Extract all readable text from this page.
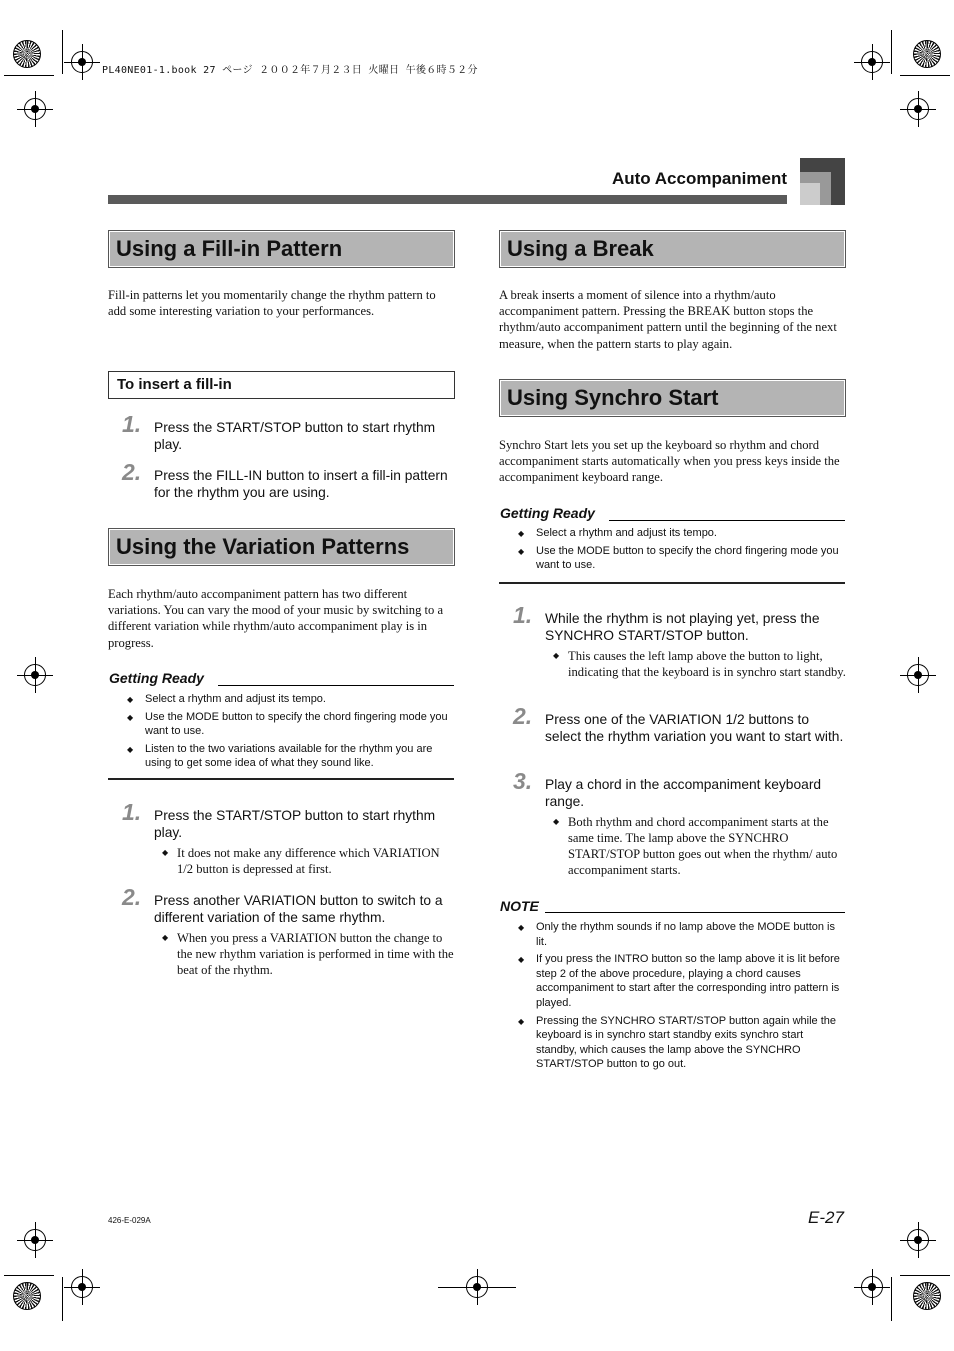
PL40NE01-1.book 27 ページ ２００２年７月２３日 火曜日 午後６時５２分
Auto Accompaniment
Using a Fill-in Pattern
Fill-in patterns let you momentarily change the rhythm pattern to add some interesting variation to your performances.
To insert a fill-in
1. Press the START/STOP button to start rhythm play.
2. Press the FILL-IN button to insert a fill-in pattern for the rhythm you are using.
Using the Variation Patterns
Each rhythm/auto accompaniment pattern has two different variations. You can vary the mood of your music by switching to a different variation while rhythm/auto accompaniment play is in progress.
Getting Ready
◆ Select a rhythm and adjust its tempo.
◆ Use the MODE button to specify the chord fingering mode you want to use.
◆ Listen to the two variations available for the rhythm you are using to get some idea of what they sound like.
1. Press the START/STOP button to start rhythm play.
◆ It does not make any difference which VARIATION 1/2 button is depressed at first.
2. Press another VARIATION button to switch to a different variation of the same rhythm.
◆ When you press a VARIATION button the change to the new rhythm variation is performed in time with the beat of the rhythm.
Using a Break
A break inserts a moment of silence into a rhythm/auto accompaniment pattern. Pressing the BREAK button stops the rhythm/auto accompaniment pattern until the beginning of the next measure, when the pattern starts to play again.
Using Synchro Start
Synchro Start lets you set up the keyboard so rhythm and chord accompaniment starts automatically when you press keys inside the accompaniment keyboard range.
Getting Ready
◆ Select a rhythm and adjust its tempo.
◆ Use the MODE button to specify the chord fingering mode you want to use.
1. While the rhythm is not playing yet, press the SYNCHRO START/STOP button.
◆ This causes the left lamp above the button to light, indicating that the keyboard is in synchro start standby.
2. Press one of the VARIATION 1/2 buttons to select the rhythm variation you want to start with.
3. Play a chord in the accompaniment keyboard range.
◆ Both rhythm and chord accompaniment starts at the same time. The lamp above the SYNCHRO START/STOP button goes out when the rhythm/ auto accompaniment starts.
NOTE
◆ Only the rhythm sounds if no lamp above the MODE button is lit.
◆ If you press the INTRO button so the lamp above it is lit before step 2 of the above procedure, playing a chord causes accompaniment to start after the corresponding intro pattern is played.
◆ Pressing the SYNCHRO START/STOP button again while the keyboard is in synchro start standby exits synchro start standby, which causes the lamp above the SYNCHRO START/STOP button to go out.
426-E-029A	E-27
